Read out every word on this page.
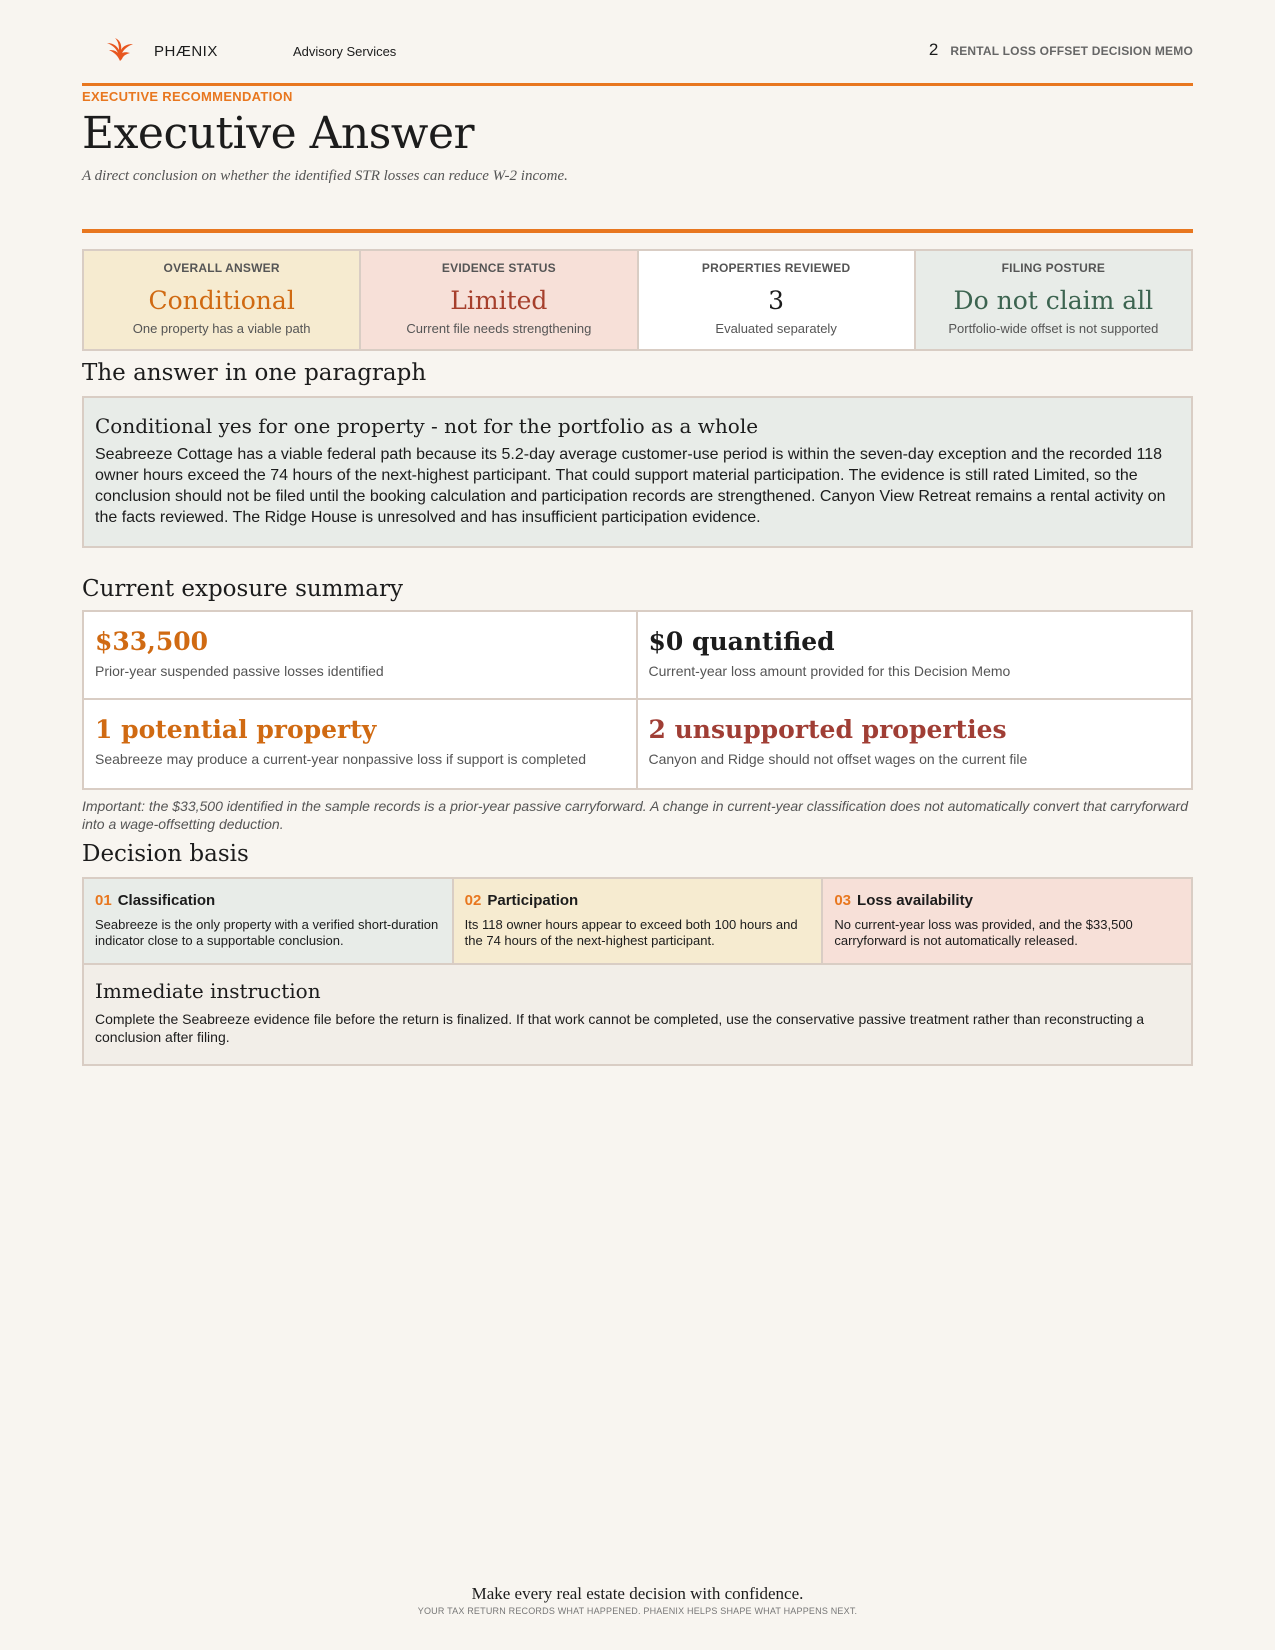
PHÆNIX	Advisory Services	2 RENTAL LOSS OFFSET DECISION MEMO
EXECUTIVE RECOMMENDATION
Executive Answer
A direct conclusion on whether the identified STR losses can reduce W-2 income.
OVERALL ANSWER
Conditional
One property has a viable path
EVIDENCE STATUS
Limited
Current file needs strengthening
PROPERTIES REVIEWED
3
Evaluated separately
FILING POSTURE
Do not claim all
Portfolio-wide offset is not supported
The answer in one paragraph
Conditional yes for one property - not for the portfolio as a whole
Seabreeze Cottage has a viable federal path because its 5.2-day average customer-use period is within the seven-day exception and the recorded 118 owner hours exceed the 74 hours of the next-highest participant. That could support material participation. The evidence is still rated Limited, so the conclusion should not be filed until the booking calculation and participation records are strengthened. Canyon View Retreat remains a rental activity on the facts reviewed. The Ridge House is unresolved and has insufficient participation evidence.
Current exposure summary
$33,500
Prior-year suspended passive losses identified
$0 quantified
Current-year loss amount provided for this Decision Memo
1 potential property
Seabreeze may produce a current-year nonpassive loss if support is completed
2 unsupported properties
Canyon and Ridge should not offset wages on the current file
Important: the $33,500 identified in the sample records is a prior-year passive carryforward. A change in current-year classification does not automatically convert that carryforward into a wage-offsetting deduction.
Decision basis
01 Classification
Seabreeze is the only property with a verified short-duration indicator close to a supportable conclusion.
02 Participation
Its 118 owner hours appear to exceed both 100 hours and the 74 hours of the next-highest participant.
03 Loss availability
No current-year loss was provided, and the $33,500 carryforward is not automatically released.
Immediate instruction
Complete the Seabreeze evidence file before the return is finalized. If that work cannot be completed, use the conservative passive treatment rather than reconstructing a conclusion after filing.
Make every real estate decision with confidence.
YOUR TAX RETURN RECORDS WHAT HAPPENED. PHAENIX HELPS SHAPE WHAT HAPPENS NEXT.
